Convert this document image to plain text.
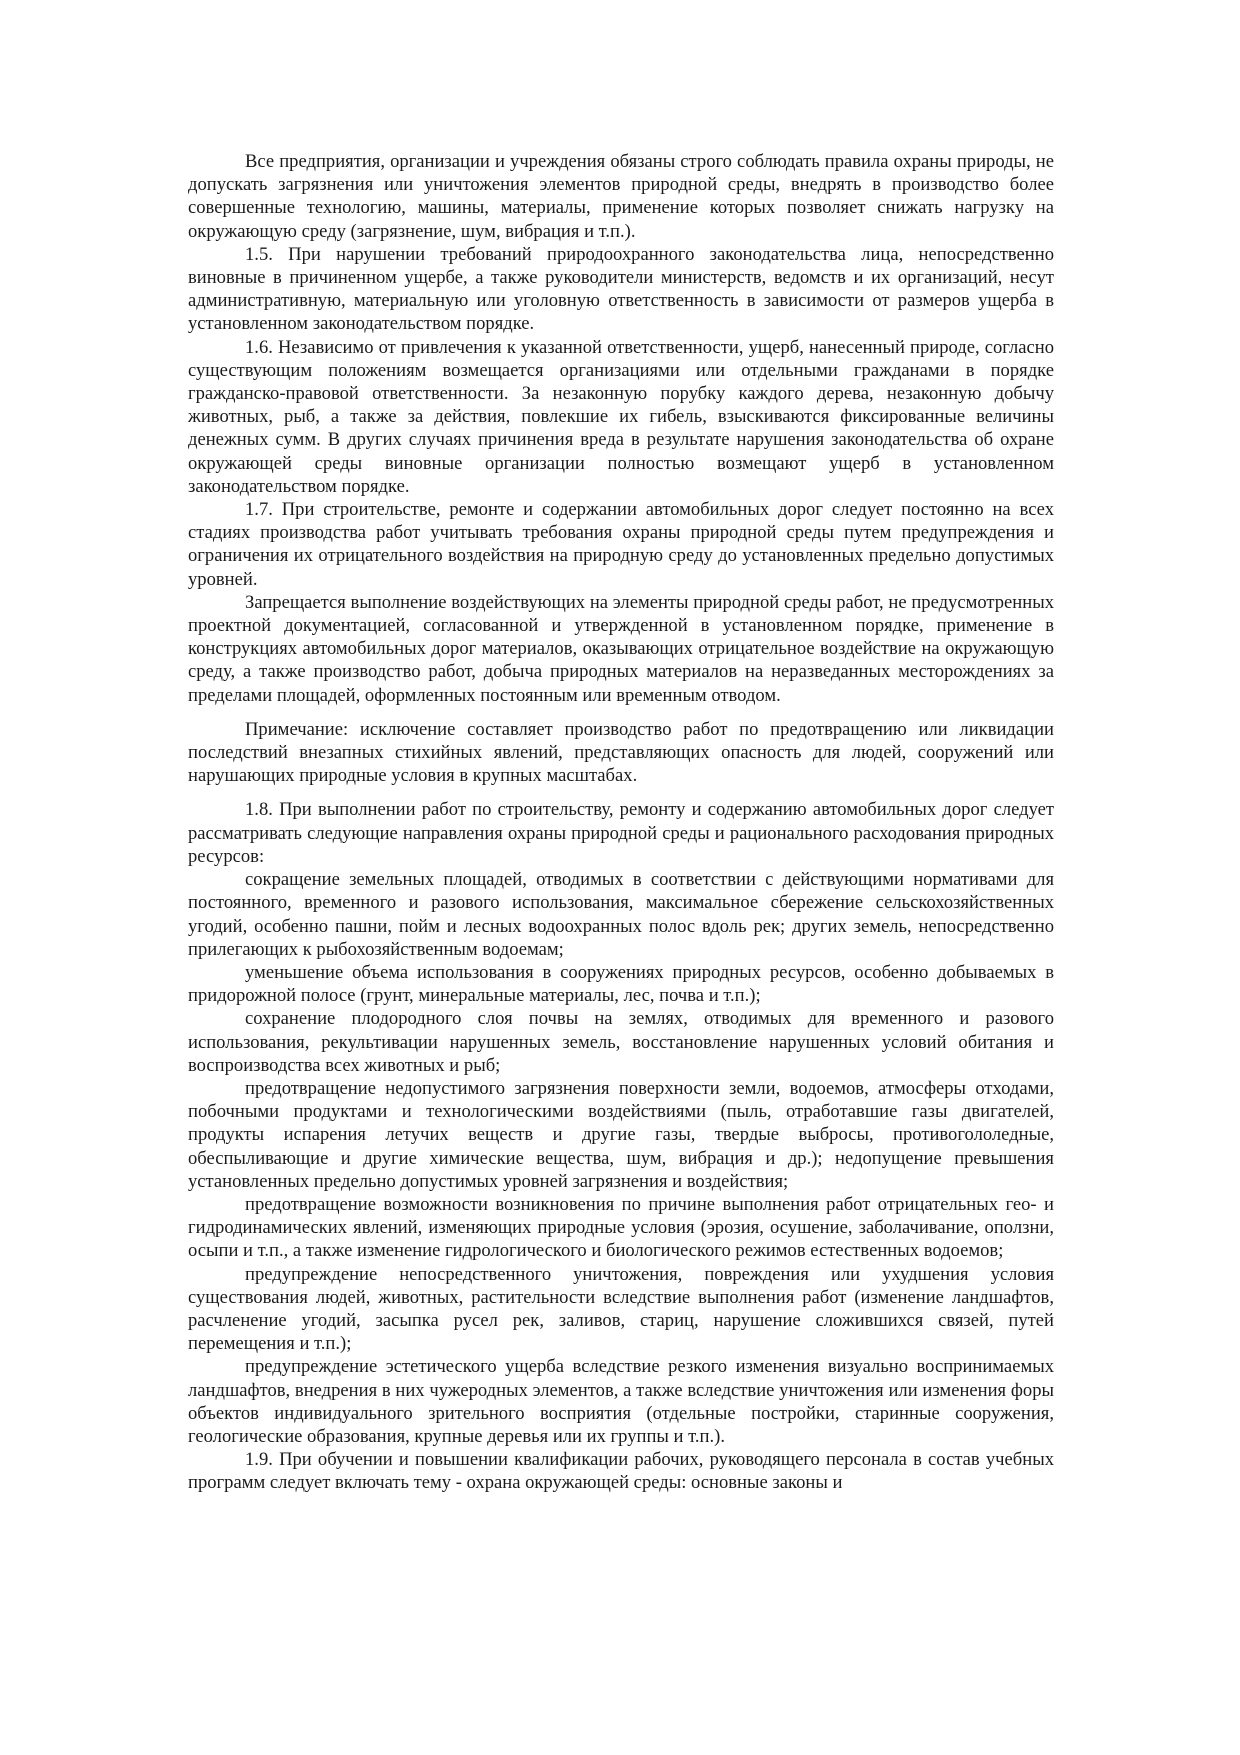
Все предприятия, организации и учреждения обязаны строго соблюдать правила охраны природы, не допускать загрязнения или уничтожения элементов природной среды, внедрять в производство более совершенные технологию, машины, материалы, применение которых позволяет снижать нагрузку на окружающую среду (загрязнение, шум, вибрация и т.п.).

1.5. При нарушении требований природоохранного законодательства лица, непосредственно виновные в причиненном ущербе, а также руководители министерств, ведомств и их организаций, несут административную, материальную или уголовную ответственность в зависимости от размеров ущерба в установленном законодательством порядке.

1.6. Независимо от привлечения к указанной ответственности, ущерб, нанесенный природе, согласно существующим положениям возмещается организациями или отдельными гражданами в порядке гражданско-правовой ответственности. За незаконную порубку каждого дерева, незаконную добычу животных, рыб, а также за действия, повлекшие их гибель, взыскиваются фиксированные величины денежных сумм. В других случаях причинения вреда в результате нарушения законодательства об охране окружающей среды виновные организации полностью возмещают ущерб в установленном законодательством порядке.

1.7. При строительстве, ремонте и содержании автомобильных дорог следует постоянно на всех стадиях производства работ учитывать требования охраны природной среды путем предупреждения и ограничения их отрицательного воздействия на природную среду до установленных предельно допустимых уровней.

Запрещается выполнение воздействующих на элементы природной среды работ, не предусмотренных проектной документацией, согласованной и утвержденной в установленном порядке, применение в конструкциях автомобильных дорог материалов, оказывающих отрицательное воздействие на окружающую среду, а также производство работ, добыча природных материалов на неразведанных месторождениях за пределами площадей, оформленных постоянным или временным отводом.

Примечание: исключение составляет производство работ по предотвращению или ликвидации последствий внезапных стихийных явлений, представляющих опасность для людей, сооружений или нарушающих природные условия в крупных масштабах.

1.8. При выполнении работ по строительству, ремонту и содержанию автомобильных дорог следует рассматривать следующие направления охраны природной среды и рационального расходования природных ресурсов:

сокращение земельных площадей, отводимых в соответствии с действующими нормативами для постоянного, временного и разового использования, максимальное сбережение сельскохозяйственных угодий, особенно пашни, пойм и лесных водоохранных полос вдоль рек; других земель, непосредственно прилегающих к рыбохозяйственным водоемам;

уменьшение объема использования в сооружениях природных ресурсов, особенно добываемых в придорожной полосе (грунт, минеральные материалы, лес, почва и т.п.);

сохранение плодородного слоя почвы на землях, отводимых для временного и разового использования, рекультивации нарушенных земель, восстановление нарушенных условий обитания и воспроизводства всех животных и рыб;

предотвращение недопустимого загрязнения поверхности земли, водоемов, атмосферы отходами, побочными продуктами и технологическими воздействиями (пыль, отработавшие газы двигателей, продукты испарения летучих веществ и другие газы, твердые выбросы, противогололедные, обеспыливающие и другие химические вещества, шум, вибрация и др.); недопущение превышения установленных предельно допустимых уровней загрязнения и воздействия;

предотвращение возможности возникновения по причине выполнения работ отрицательных гео- и гидродинамических явлений, изменяющих природные условия (эрозия, осушение, заболачивание, оползни, осыпи и т.п., а также изменение гидрологического и биологического режимов естественных водоемов;

предупреждение непосредственного уничтожения, повреждения или ухудшения условия существования людей, животных, растительности вследствие выполнения работ (изменение ландшафтов, расчленение угодий, засыпка русел рек, заливов, стариц, нарушение сложившихся связей, путей перемещения и т.п.);

предупреждение эстетического ущерба вследствие резкого изменения визуально воспринимаемых ландшафтов, внедрения в них чужеродных элементов, а также вследствие уничтожения или изменения форы объектов индивидуального зрительного восприятия (отдельные постройки, старинные сооружения, геологические образования, крупные деревья или их группы и т.п.).

1.9. При обучении и повышении квалификации рабочих, руководящего персонала в состав учебных программ следует включать тему - охрана окружающей среды: основные законы и
